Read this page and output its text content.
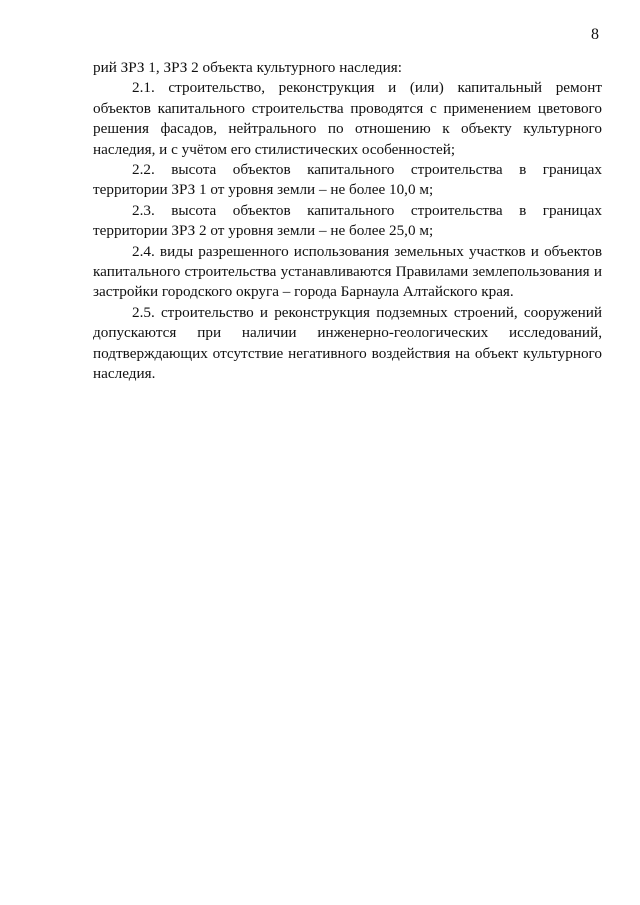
8

рий ЗРЗ 1, ЗРЗ 2 объекта культурного наследия:

2.1. строительство, реконструкция и (или) капитальный ремонт объектов капитального строительства проводятся с применением цветового решения фасадов, нейтрального по отношению к объекту культурного наследия, и с учётом его стилистических особенностей;

2.2. высота объектов капитального строительства в границах территории ЗРЗ 1 от уровня земли – не более 10,0 м;

2.3. высота объектов капитального строительства в границах территории ЗРЗ 2 от уровня земли – не более 25,0 м;

2.4. виды разрешенного использования земельных участков и объектов капитального строительства устанавливаются Правилами землепользования и застройки городского округа – города Барнаула Алтайского края.

2.5. строительство и реконструкция подземных строений, сооружений допускаются при наличии инженерно-геологических исследований, подтверждающих отсутствие негативного воздействия на объект культурного наследия.
